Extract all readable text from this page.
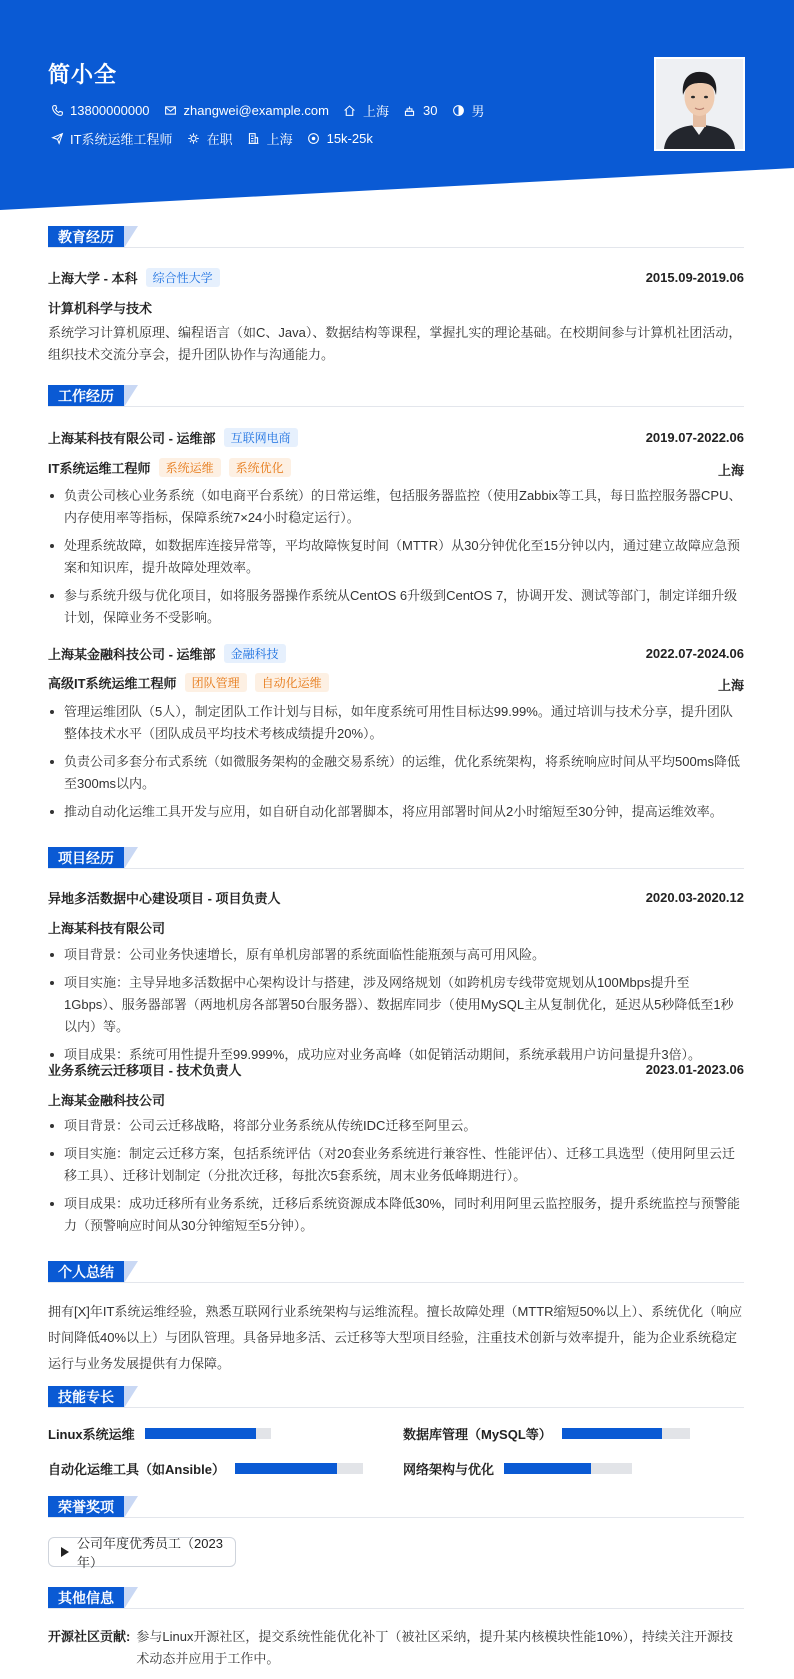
简小全
13800000000	zhangwei@example.com	上海	30	男
IT系统运维工程师	在职	上海	15k-25k
教育经历
上海大学 - 本科	综合性大学	2015.09-2019.06
计算机科学与技术
系统学习计算机原理、编程语言（如C、Java）、数据结构等课程，掌握扎实的理论基础。在校期间参与计算机社团活动，组织技术交流分享会，提升团队协作与沟通能力。
工作经历
上海某科技有限公司 - 运维部	互联网电商	2019.07-2022.06
IT系统运维工程师	系统运维	系统优化	上海
负责公司核心业务系统（如电商平台系统）的日常运维，包括服务器监控（使用Zabbix等工具，每日监控服务器CPU、内存使用率等指标，保障系统7×24小时稳定运行）。
处理系统故障，如数据库连接异常等，平均故障恢复时间（MTTR）从30分钟优化至15分钟以内，通过建立故障应急预案和知识库，提升故障处理效率。
参与系统升级与优化项目，如将服务器操作系统从CentOS 6升级到CentOS 7，协调开发、测试等部门，制定详细升级计划，保障业务不受影响。
上海某金融科技公司 - 运维部	金融科技	2022.07-2024.06
高级IT系统运维工程师	团队管理	自动化运维	上海
管理运维团队（5人），制定团队工作计划与目标，如年度系统可用性目标达99.99%。通过培训与技术分享，提升团队整体技术水平（团队成员平均技术考核成绩提升20%）。
负责公司多套分布式系统（如微服务架构的金融交易系统）的运维，优化系统架构，将系统响应时间从平均500ms降低至300ms以内。
推动自动化运维工具开发与应用，如自研自动化部署脚本，将应用部署时间从2小时缩短至30分钟，提高运维效率。
项目经历
异地多活数据中心建设项目 - 项目负责人	2020.03-2020.12
上海某科技有限公司
项目背景：公司业务快速增长，原有单机房部署的系统面临性能瓶颈与高可用风险。
项目实施：主导异地多活数据中心架构设计与搭建，涉及网络规划（如跨机房专线带宽规划从100Mbps提升至1Gbps）、服务器部署（两地机房各部署50台服务器）、数据库同步（使用MySQL主从复制优化，延迟从5秒降低至1秒以内）等。
项目成果：系统可用性提升至99.999%，成功应对业务高峰（如促销活动期间，系统承载用户访问量提升3倍）。
业务系统云迁移项目 - 技术负责人	2023.01-2023.06
上海某金融科技公司
项目背景：公司云迁移战略，将部分业务系统从传统IDC迁移至阿里云。
项目实施：制定云迁移方案，包括系统评估（对20套业务系统进行兼容性、性能评估）、迁移工具选型（使用阿里云迁移工具）、迁移计划制定（分批次迁移，每批次5套系统，周末业务低峰期进行）。
项目成果：成功迁移所有业务系统，迁移后系统资源成本降低30%，同时利用阿里云监控服务，提升系统监控与预警能力（预警响应时间从30分钟缩短至5分钟）。
个人总结
拥有[X]年IT系统运维经验，熟悉互联网行业系统架构与运维流程。擅长故障处理（MTTR缩短50%以上）、系统优化（响应时间降低40%以上）与团队管理。具备异地多活、云迁移等大型项目经验，注重技术创新与效率提升，能为企业系统稳定运行与业务发展提供有力保障。
技能专长
Linux系统运维	数据库管理（MySQL等）
自动化运维工具（如Ansible）	网络架构与优化
荣誉奖项
公司年度优秀员工（2023年）
其他信息
开源社区贡献: 参与Linux开源社区，提交系统性能优化补丁（被社区采纳，提升某内核模块性能10%），持续关注开源技术动态并应用于工作中。
